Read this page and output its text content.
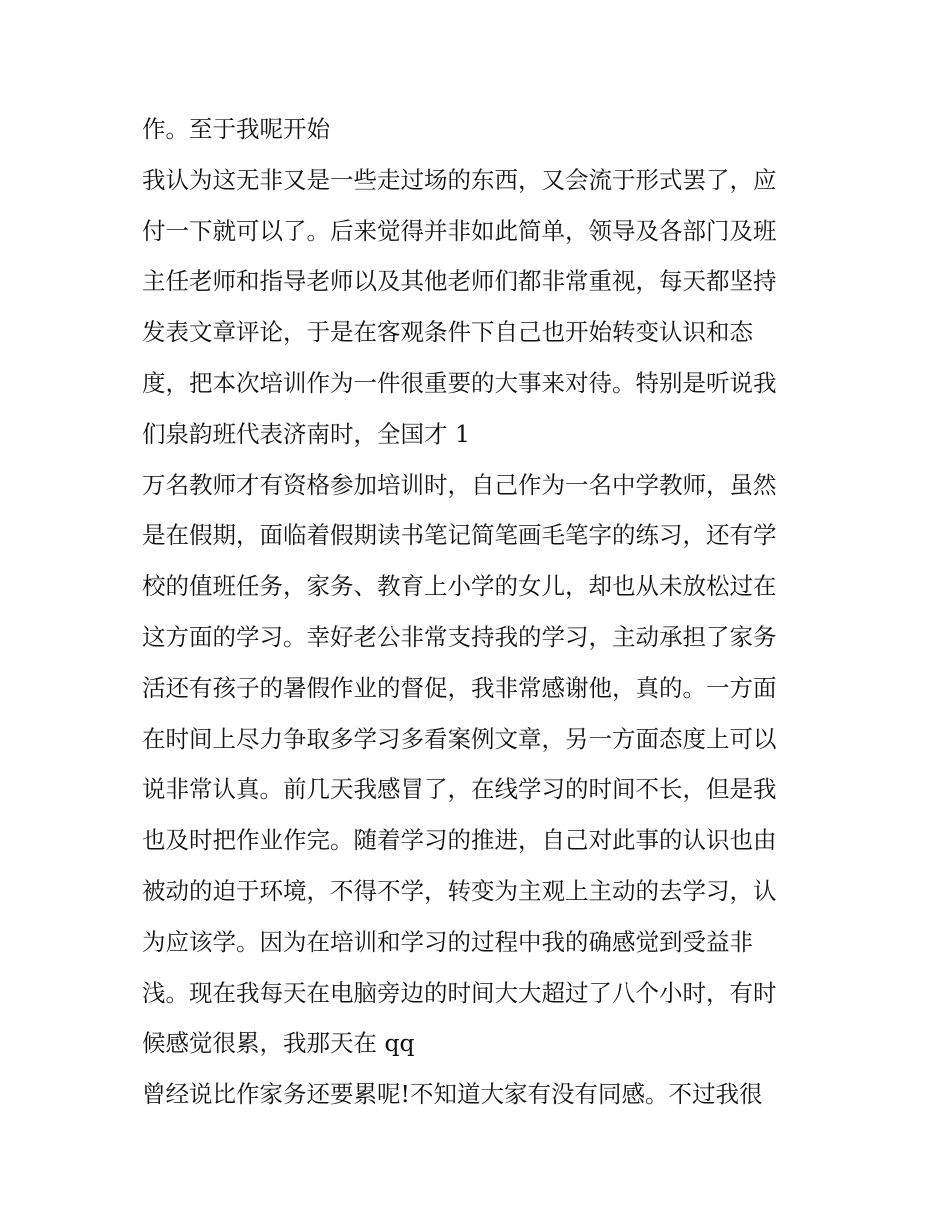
作。至于我呢开始
我认为这无非又是一些走过场的东西，又会流于形式罢了，应
付一下就可以了。后来觉得并非如此简单，领导及各部门及班
主任老师和指导老师以及其他老师们都非常重视，每天都坚持
发表文章评论，于是在客观条件下自己也开始转变认识和态
度，把本次培训作为一件很重要的大事来对待。特别是听说我
们泉韵班代表济南时，全国才 1
万名教师才有资格参加培训时，自己作为一名中学教师，虽然
是在假期，面临着假期读书笔记简笔画毛笔字的练习，还有学
校的值班任务，家务、教育上小学的女儿，却也从未放松过在
这方面的学习。幸好老公非常支持我的学习，主动承担了家务
活还有孩子的暑假作业的督促，我非常感谢他，真的。一方面
在时间上尽力争取多学习多看案例文章，另一方面态度上可以
说非常认真。前几天我感冒了，在线学习的时间不长，但是我
也及时把作业作完。随着学习的推进，自己对此事的认识也由
被动的迫于环境，不得不学，转变为主观上主动的去学习，认
为应该学。因为在培训和学习的过程中我的确感觉到受益非
浅。现在我每天在电脑旁边的时间大大超过了八个小时，有时
候感觉很累，我那天在 qq
曾经说比作家务还要累呢!不知道大家有没有同感。不过我很
